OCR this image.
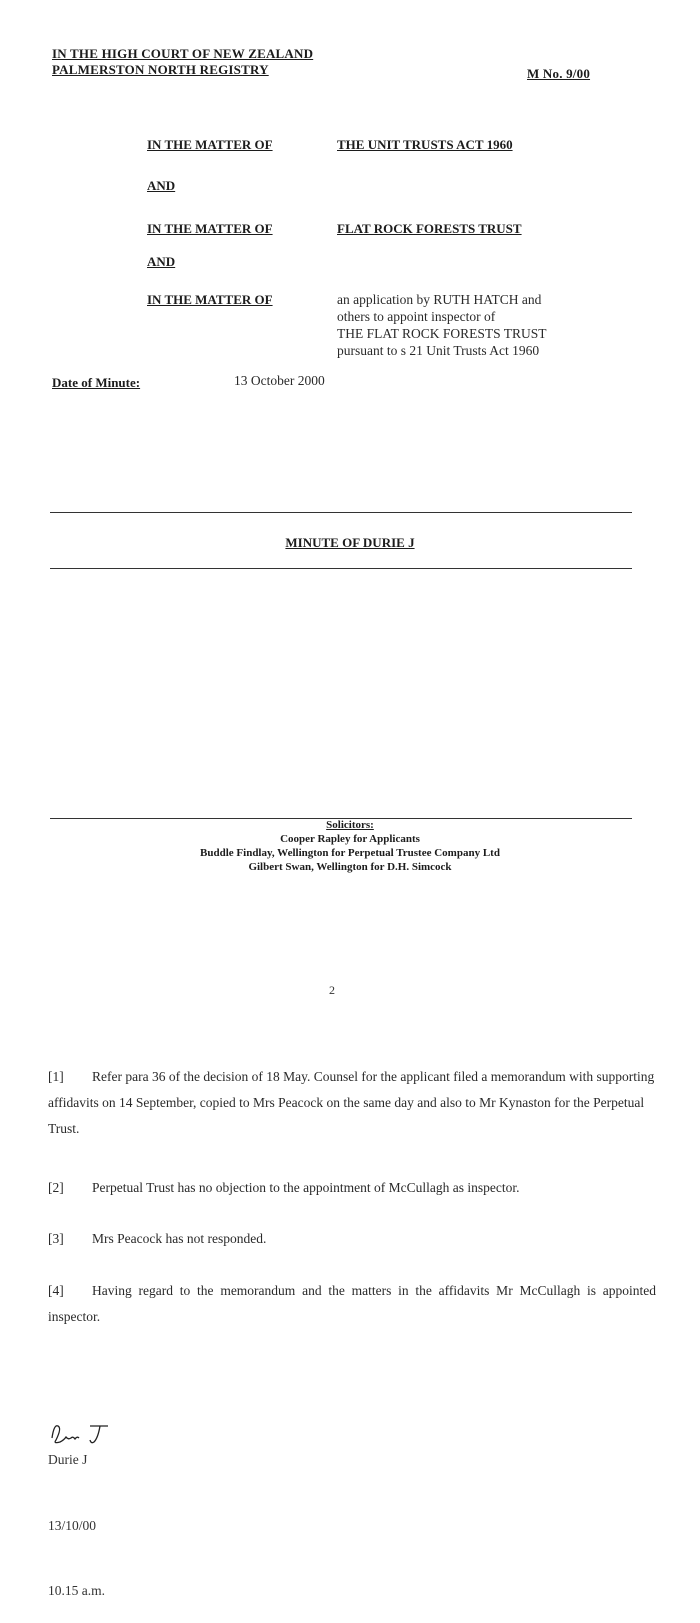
IN THE HIGH COURT OF NEW ZEALAND
PALMERSTON NORTH REGISTRY	M No. 9/00
IN THE MATTER OF	THE UNIT TRUSTS ACT 1960
AND
IN THE MATTER OF	FLAT ROCK FORESTS TRUST
AND
IN THE MATTER OF	an application by RUTH HATCH and
others to appoint inspector of
THE FLAT ROCK FORESTS TRUST
pursuant to s 21 Unit Trusts Act 1960
Date of Minute:	13 October 2000
MINUTE OF DURIE J
Solicitors:
Cooper Rapley for Applicants
Buddle Findlay, Wellington for Perpetual Trustee Company Ltd
Gilbert Swan, Wellington for D.H. Simcock
2
[1] Refer para 36 of the decision of 18 May. Counsel for the applicant filed a memorandum with supporting affidavits on 14 September, copied to Mrs Peacock on the same day and also to Mr Kynaston for the Perpetual Trust.
[2] Perpetual Trust has no objection to the appointment of McCullagh as inspector.
[3] Mrs Peacock has not responded.
[4] Having regard to the memorandum and the matters in the affidavits Mr McCullagh is appointed inspector.
Durie J
13/10/00
10.15 a.m.
